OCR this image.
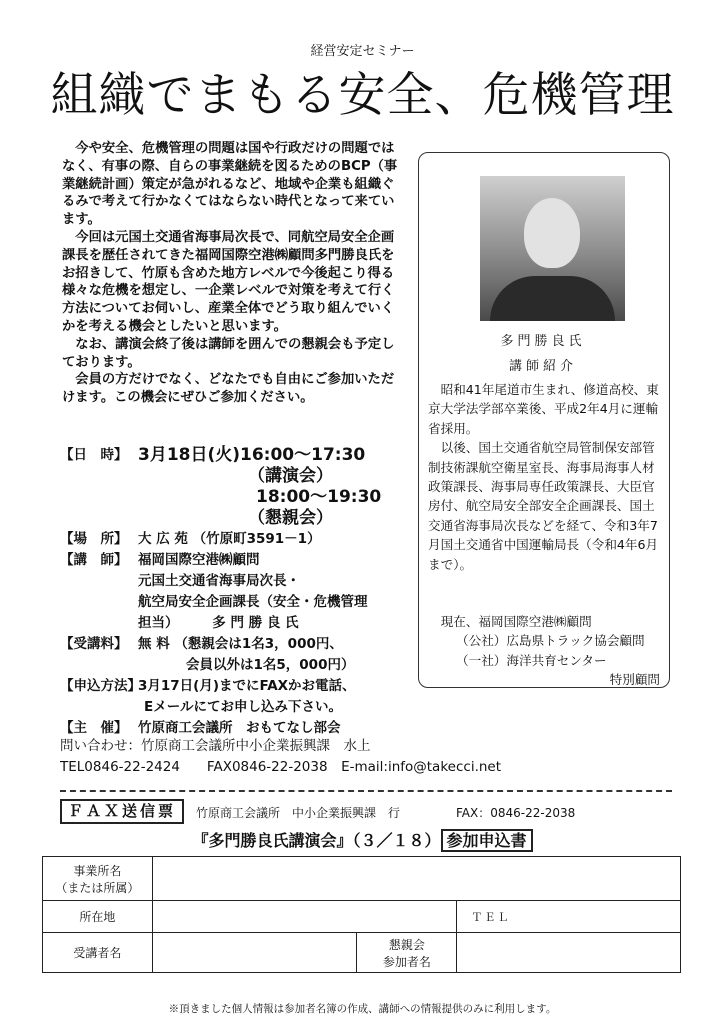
経営安定セミナー
組織でまもる安全、危機管理

今や安全、危機管理の問題は国や行政だけの問題ではなく、有事の際、自らの事業継続を図るためのBCP（事業継続計画）策定が急がれるなど、地域や企業も組織ぐるみで考えて行かなくてはならない時代となって来ています。

今回は元国土交通省海事局次長で、同航空局安全企画課長を歴任されてきた福岡国際空港㈱顧問多門勝良氏をお招きして、竹原も含めた地方レベルで今後起こり得る様々な危機を想定し、一企業レベルで対策を考えて行く方法についてお伺いし、産業全体でどう取り組んでいくかを考える機会としたいと思います。

なお、講演会終了後は講師を囲んでの懇親会も予定しております。

会員の方だけでなく、どなたでも自由にご参加いただけます。この機会にぜひご参加ください。

多門勝良氏
講師紹介

昭和41年尾道市生まれ、修道高校、東京大学法学部卒業後、平成2年4月に運輸省採用。

以後、国土交通省航空局管制保安部管制技術課航空衛星室長、海事局海事人材政策課長、海事局専任政策課長、大臣官房付、航空局安全部安全企画課長、国土交通省海事局次長などを経て、令和3年7月国土交通省中国運輸局長（令和4年6月まで）。

現在、福岡国際空港㈱顧問
（公社）広島県トラック協会顧問
（一社）海洋共育センター
特別顧問
【日　時】 3月18日(火)16:00～17:30
（講演会）
18:00～19:30
（懇親会）
【場　所】 大 広 苑 （竹原町3591－1）
【講　師】 福岡国際空港㈱顧問
元国土交通省海事局次長・
航空局安全企画課長（安全・危機管理
担当）　　　多 門 勝 良 氏
【受講料】 無 料 （懇親会は1名3，000円、
会員以外は1名5，000円）
【申込方法】
3月17日(月)までにFAXかお電話、
Eメールにてお申し込み下さい。
【主　催】 竹原商工会議所　おもてなし部会
問い合わせ：竹原商工会議所中小企業振興課　水上
TEL0846-22-2424　　FAX0846-22-2038　E-mail:info@takecci.net
ＦＡＸ送信票	竹原商工会議所　中小企業振興課　行	FAX：0846-22-2038
『多門勝良氏講演会』（３／１８） 参加申込書
事業所名
（または所属）			

所在地			ＴＥＬ
受講者名		懇親会
参加者名	

※頂きました個人情報は参加者名簿の作成、講師への情報提供のみに利用します。
